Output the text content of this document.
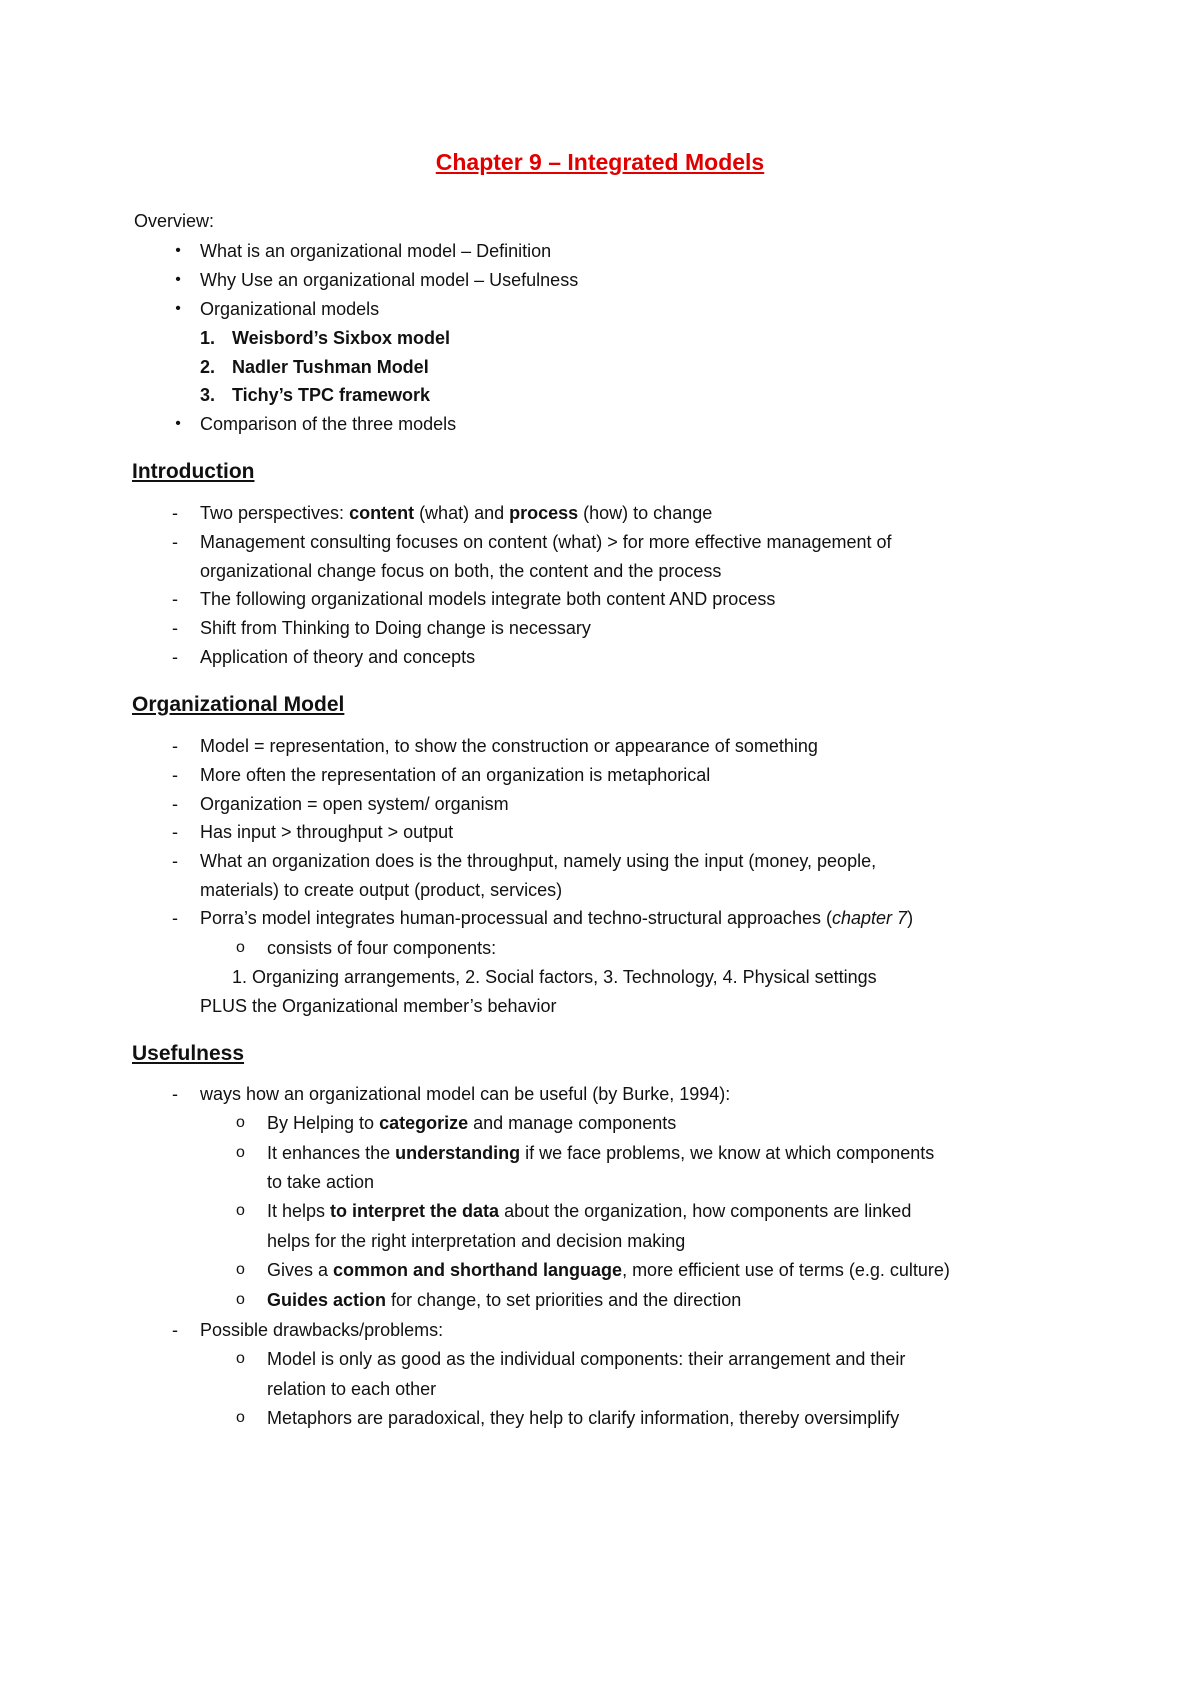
Chapter 9 – Integrated Models
Overview:
•	What is an organizational model – Definition
•	Why Use an organizational model – Usefulness
•	Organizational models
1. Weisbord’s Sixbox model
2. Nadler Tushman Model
3. Tichy’s TPC framework
•	Comparison of the three models
Introduction
- Two perspectives: content (what) and process (how) to change
- Management consulting focuses on content (what) > for more effective management of
organizational change focus on both, the content and the process
- The following organizational models integrate both content AND process
- Shift from Thinking to Doing change is necessary
- Application of theory and concepts
Organizational Model
- Model = representation, to show the construction or appearance of something
- More often the representation of an organization is metaphorical
- Organization = open system/ organism
- Has input > throughput > output
- What an organization does is the throughput, namely using the input (money, people,
materials) to create output (product, services)
- Porra’s model integrates human-processual and techno-structural approaches (chapter 7)
o consists of four components:
1. Organizing arrangements, 2. Social factors, 3. Technology, 4. Physical settings
PLUS the Organizational member’s behavior
Usefulness
- ways how an organizational model can be useful (by Burke, 1994):
o By Helping to categorize and manage components
o It enhances the understanding if we face problems, we know at which components
to take action
o It helps to interpret the data about the organization, how components are linked
helps for the right interpretation and decision making
o Gives a common and shorthand language, more efficient use of terms (e.g. culture)
o Guides action for change, to set priorities and the direction
- Possible drawbacks/problems:
o Model is only as good as the individual components: their arrangement and their
relation to each other
o Metaphors are paradoxical, they help to clarify information, thereby oversimplify
